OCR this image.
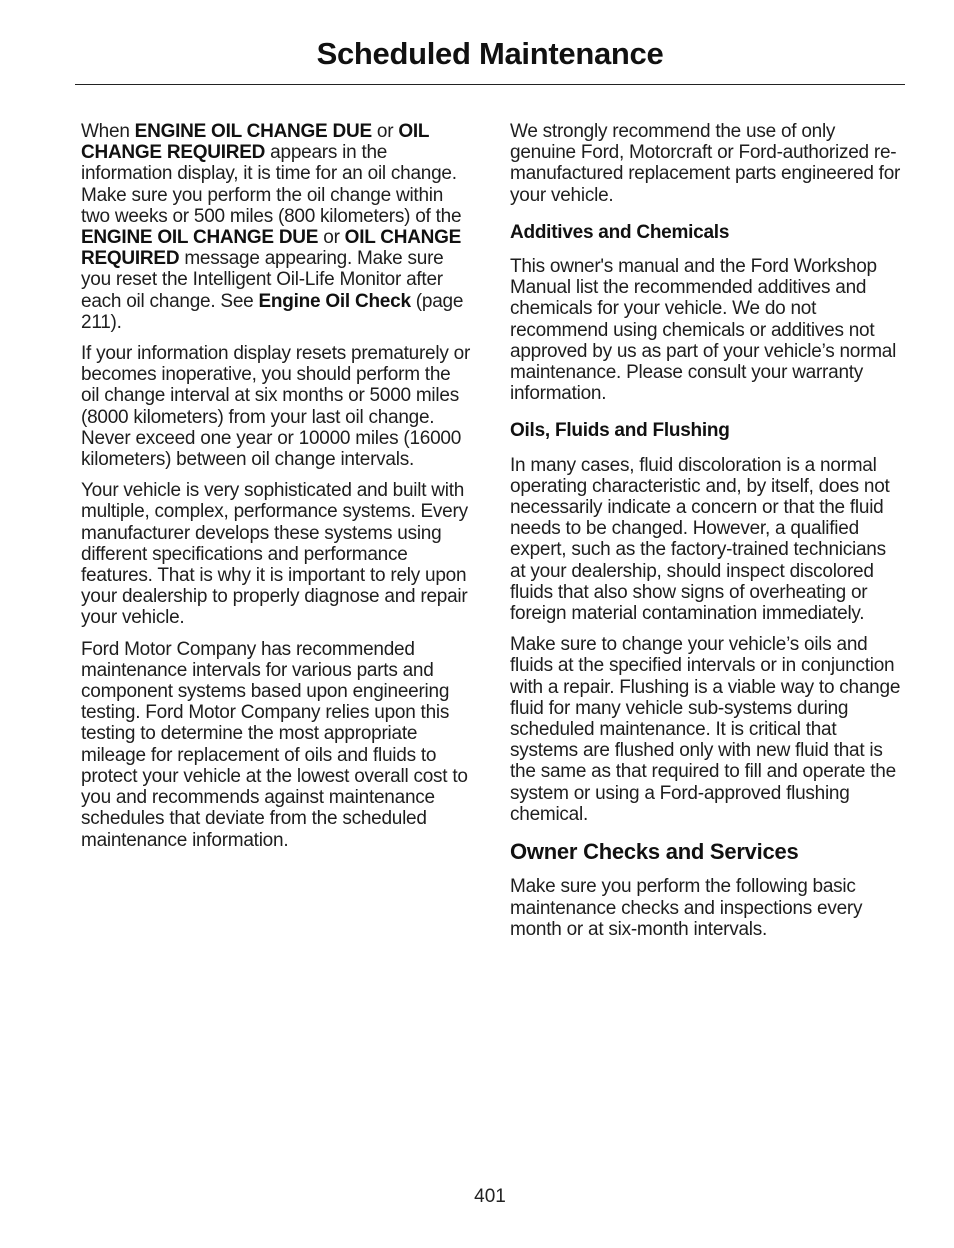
Scheduled Maintenance

When ENGINE OIL CHANGE DUE or OIL CHANGE REQUIRED appears in the information display, it is time for an oil change. Make sure you perform the oil change within two weeks or 500 miles (800 kilometers) of the ENGINE OIL CHANGE DUE or OIL CHANGE REQUIRED message appearing. Make sure you reset the Intelligent Oil-Life Monitor after each oil change. See Engine Oil Check (page 211).

If your information display resets prematurely or becomes inoperative, you should perform the oil change interval at six months or 5000 miles (8000 kilometers) from your last oil change. Never exceed one year or 10000 miles (16000 kilometers) between oil change intervals.

Your vehicle is very sophisticated and built with multiple, complex, performance systems. Every manufacturer develops these systems using different specifications and performance features. That is why it is important to rely upon your dealership to properly diagnose and repair your vehicle.

Ford Motor Company has recommended maintenance intervals for various parts and component systems based upon engineering testing. Ford Motor Company relies upon this testing to determine the most appropriate mileage for replacement of oils and fluids to protect your vehicle at the lowest overall cost to you and recommends against maintenance schedules that deviate from the scheduled maintenance information.

We strongly recommend the use of only genuine Ford, Motorcraft or Ford-authorized re-manufactured replacement parts engineered for your vehicle.

Additives and Chemicals

This owner's manual and the Ford Workshop Manual list the recommended additives and chemicals for your vehicle. We do not recommend using chemicals or additives not approved by us as part of your vehicle’s normal maintenance. Please consult your warranty information.

Oils, Fluids and Flushing

In many cases, fluid discoloration is a normal operating characteristic and, by itself, does not necessarily indicate a concern or that the fluid needs to be changed. However, a qualified expert, such as the factory-trained technicians at your dealership, should inspect discolored fluids that also show signs of overheating or foreign material contamination immediately.

Make sure to change your vehicle’s oils and fluids at the specified intervals or in conjunction with a repair. Flushing is a viable way to change fluid for many vehicle sub-systems during scheduled maintenance. It is critical that systems are flushed only with new fluid that is the same as that required to fill and operate the system or using a Ford-approved flushing chemical.

Owner Checks and Services

Make sure you perform the following basic maintenance checks and inspections every month or at six-month intervals.

401
